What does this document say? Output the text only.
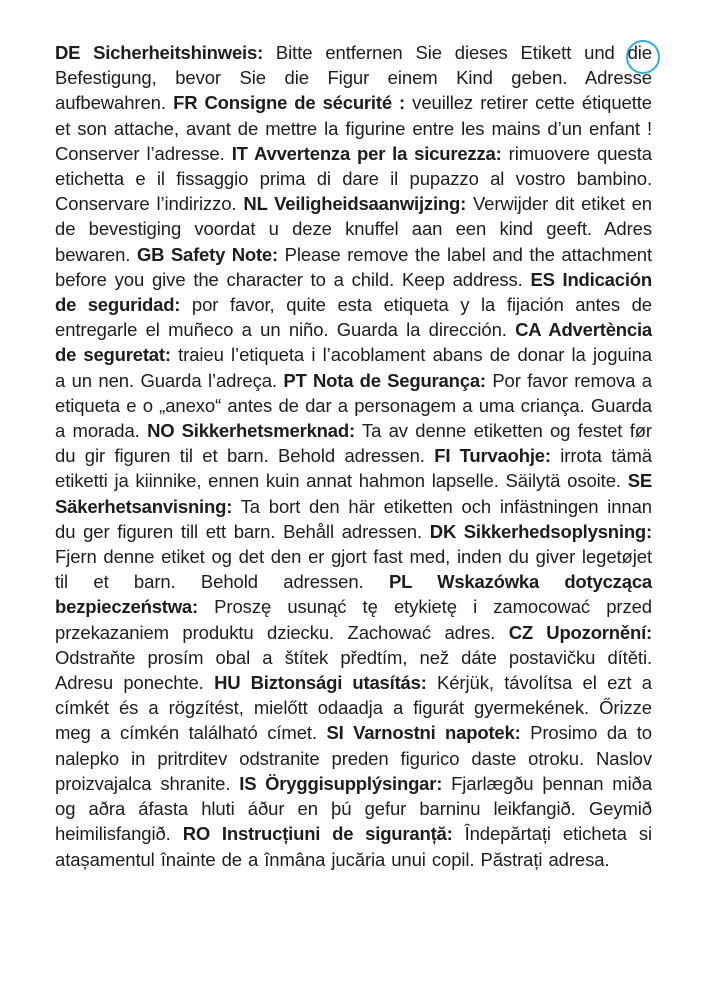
DE Sicherheitshinweis: Bitte entfernen Sie dieses Etikett und die Befestigung, bevor Sie die Figur einem Kind geben. Adresse aufbewahren. FR Consigne de sécurité : veuillez retirer cette étiquette et son attache, avant de mettre la figurine entre les mains d’un enfant ! Conserver l’adresse. IT Avvertenza per la sicurezza: rimuovere questa etichetta e il fissaggio prima di dare il pupazzo al vostro bambino. Conservare l’indirizzo. NL Veiligheidsaanwijzing: Verwijder dit etiket en de bevestiging voordat u deze knuffel aan een kind geeft. Adres bewaren. GB Safety Note: Please remove the label and the attachment before you give the character to a child. Keep address. ES Indicación de seguridad: por favor, quite esta etiqueta y la fijación antes de entregarle el muñeco a un niño. Guarda la dirección. CA Advertència de seguretat: traieu l’etiqueta i l’acoblament abans de donar la joguina a un nen. Guarda l’adreça. PT Nota de Segurança: Por favor remova a etiqueta e o „anexo“ antes de dar a personagem a uma criança. Guarda a morada. NO Sikkerhetsmerknad: Ta av denne etiketten og festet før du gir figuren til et barn. Behold adressen. FI Turvaohje: irrota tämä etiketti ja kiinnike, ennen kuin annat hahmon lapselle. Säilytä osoite. SE Säkerhetsanvisning: Ta bort den här etiketten och infästningen innan du ger figuren till ett barn. Behåll adressen. DK Sikkerhedsoplysning: Fjern denne etiket og det den er gjort fast med, inden du giver legetøjet til et barn. Behold adressen. PL Wskazówka dotycząca bezpieczeństwa: Proszę usunąć tę etykietę i zamocować przed przekazaniem produktu dziecku. Zachować adres. CZ Upozornění: Odstraňte prosím obal a štítek předtím, než dáte postavičku dítěti. Adresu ponechte. HU Biztonsági utasítás: Kérjük, távolítsa el ezt a címkét és a rögzítést, mielőtt odaadja a figurát gyermekének. Őrizze meg a címkén található címet. SI Varnostni napotek: Prosimo da to nalepko in pritrditev odstranite preden figurico daste otroku. Naslov proizvajalca shranite. IS Öryggisupplýsingar: Fjarlægðu þennan miða og aðra áfasta hluti áður en þú gefur barninu leikfangið. Geymið heimilisfangið. RO Instrucțiuni de siguranță: Îndepărtați eticheta si atașamentul înainte de a înmâna jucăria unui copil. Păstrați adresa.
